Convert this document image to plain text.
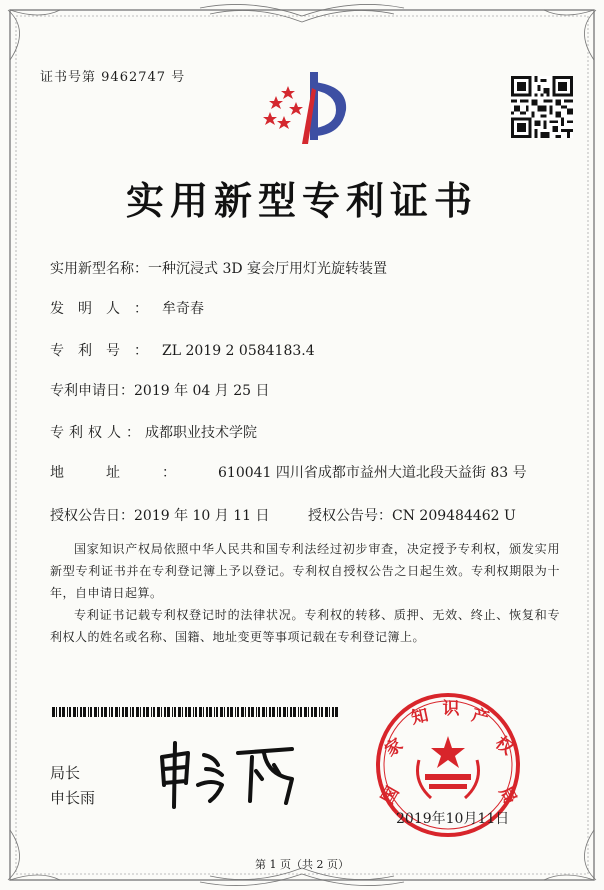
证书号第 9462747 号
实用新型专利证书
实用新型名称：一种沉浸式 3D 宴会厅用灯光旋转装置
发明人：牟奇春
专利号：ZL 2019 2 0584183.4
专利申请日：2019 年 04 月 25 日
专利权人：成都职业技术学院
地址：610041 四川省成都市益州大道北段天益街 83 号
授权公告日：2019 年 10 月 11 日	授权公告号：CN 209484462 U
国家知识产权局依照中华人民共和国专利法经过初步审查，决定授予专利权，颁发实用新型专利证书并在专利登记簿上予以登记。专利权自授权公告之日起生效。专利权期限为十年，自申请日起算。
专利证书记载专利权登记时的法律状况。专利权的转移、质押、无效、终止、恢复和专利权人的姓名或名称、国籍、地址变更等事项记载在专利登记簿上。
局长
申长雨	国
家
知 识 产
权
局
2019年10月11日
第 1 页（共 2 页）
